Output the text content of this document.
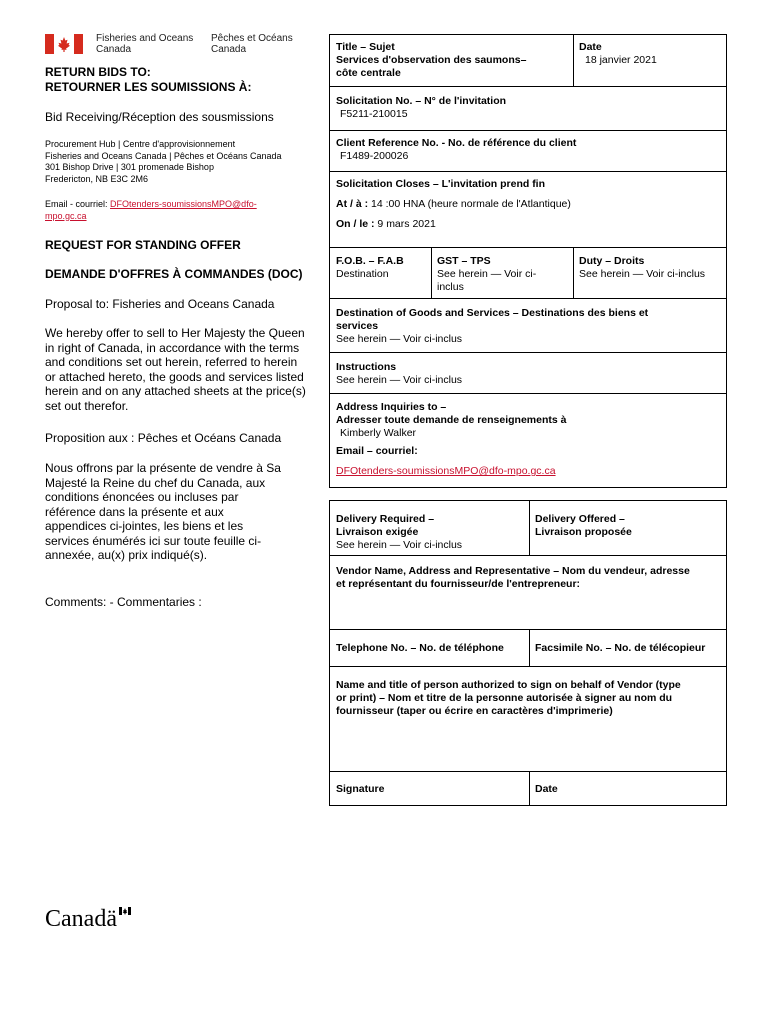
Fisheries and Oceans
Canada
Pêches et Océans
Canada
RETURN BIDS TO:
RETOURNER LES SOUMISSIONS À:
Bid Receiving/Réception des sousmissions
Procurement Hub | Centre d'approvisionnement
Fisheries and Oceans Canada | Pêches et Océans Canada
301 Bishop Drive | 301 promenade Bishop
Fredericton, NB E3C 2M6
Email - courriel: DFOtenders-soumissionsMPO@dfo-
mpo.gc.ca
REQUEST FOR STANDING OFFER
DEMANDE D'OFFRES À COMMANDES (DOC)
Proposal to: Fisheries and Oceans Canada
We hereby offer to sell to Her Majesty the Queen
in right of Canada, in accordance with the terms
and conditions set out herein, referred to herein
or attached hereto, the goods and services listed
herein and on any attached sheets at the price(s)
set out therefor.
Proposition aux : Pêches et Océans Canada
Nous offrons par la présente de vendre à Sa
Majesté la Reine du chef du Canada, aux
conditions énoncées ou incluses par
référence dans la présente et aux
appendices ci-jointes, les biens et les
services énumérés ici sur toute feuille ci-
annexée, au(x) prix indiqué(s).
Comments: - Commentaries :
Title – Sujet
Services d'observation des saumons–
côte centrale
Date
18 janvier 2021
Solicitation No. – N° de l'invitation
F5211-210015
Client Reference No. - No. de référence du client
F1489-200026
Solicitation Closes – L'invitation prend fin
At / à : 14 :00 HNA (heure normale de l'Atlantique)
On / le : 9 mars 2021
F.O.B. – F.A.B
Destination
GST – TPS
See herein — Voir ci-
inclus
Duty – Droits
See herein — Voir ci-inclus
Destination of Goods and Services – Destinations des biens et
services
See herein — Voir ci-inclus
Instructions
See herein — Voir ci-inclus
Address Inquiries to –
Adresser toute demande de renseignements à
Kimberly Walker
Email – courriel:
DFOtenders-soumissionsMPO@dfo-mpo.gc.ca
Delivery Required –
Livraison exigée
See herein — Voir ci-inclus
Delivery Offered –
Livraison proposée
Vendor Name, Address and Representative – Nom du vendeur, adresse
et représentant du fournisseur/de l'entrepreneur:
Telephone No. – No. de téléphone	Facsimile No. – No. de télécopieur
Name and title of person authorized to sign on behalf of Vendor (type
or print) – Nom et titre de la personne autorisée à signer au nom du
fournisseur (taper ou écrire en caractères d'imprimerie)
Signature	Date
Canadä
